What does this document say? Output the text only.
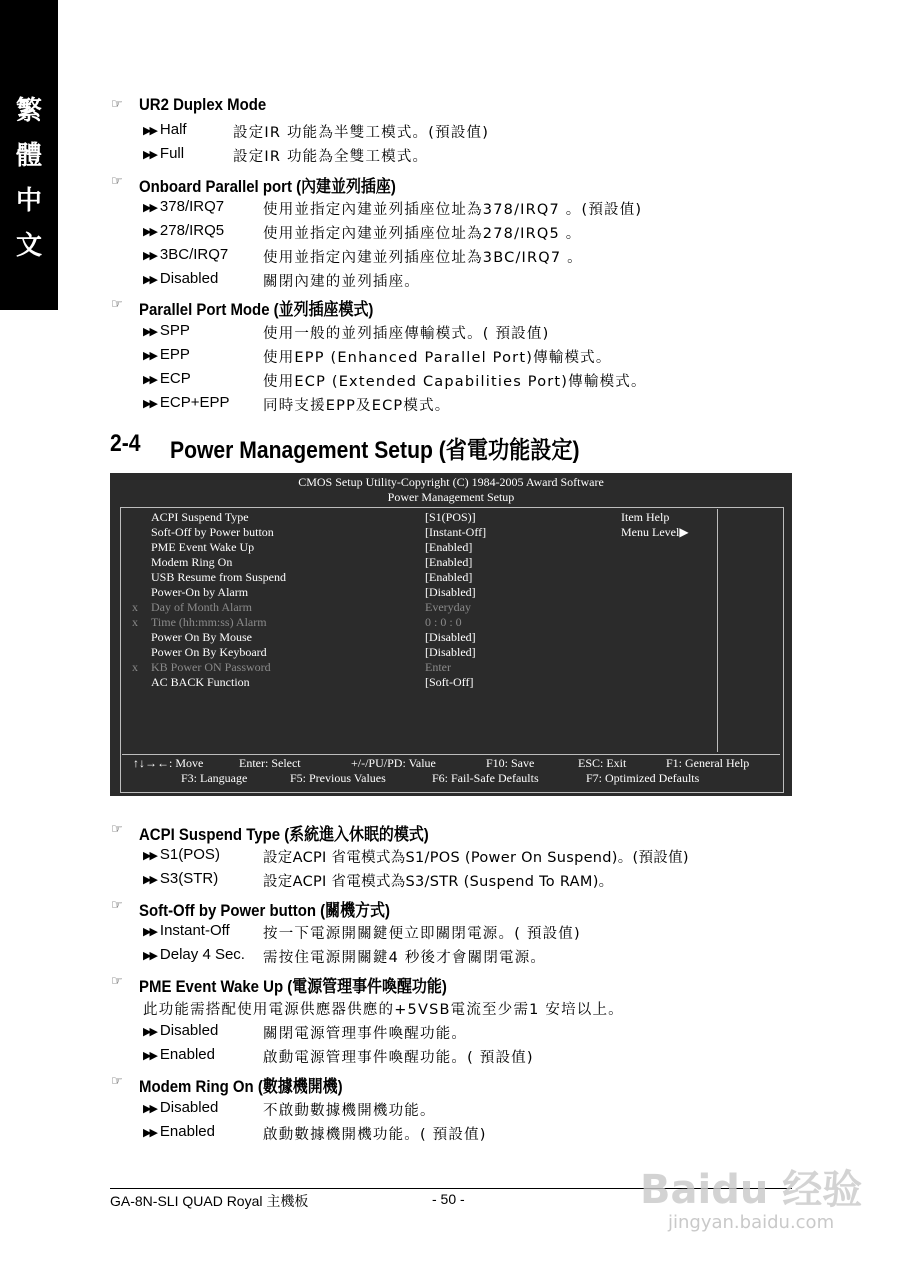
繁
體
中
文
☞ UR2 Duplex Mode
▶▶ Half	設定IR 功能為半雙工模式。(預設值)
▶▶ Full	設定IR 功能為全雙工模式。
☞ Onboard Parallel port (內建並列插座)
▶▶ 378/IRQ7	使用並指定內建並列插座位址為378/IRQ7 。(預設值)
▶▶ 278/IRQ5	使用並指定內建並列插座位址為278/IRQ5 。
▶▶ 3BC/IRQ7 使用並指定內建並列插座位址為3BC/IRQ7 。
▶▶ Disabled	關閉內建的並列插座。
☞ Parallel Port Mode (並列插座模式)
▶▶ SPP	使用一般的並列插座傳輸模式。( 預設值)
▶▶ EPP	使用EPP (Enhanced Parallel Port)傳輸模式。
▶▶ ECP	使用ECP (Extended Capabilities Port)傳輸模式。
▶▶ ECP+EPP 同時支援EPP及ECP模式。
2-4 Power Management Setup (省電功能設定)
CMOS Setup Utility-Copyright (C) 1984-2005 Award Software
Power Management Setup
ACPI Suspend Type	[S1(POS)]
Soft-Off by Power button	[Instant-Off]
PME Event Wake Up	[Enabled]
Modem Ring On	[Enabled]
USB Resume from Suspend	[Enabled]
Power-On by Alarm	[Disabled]
x Day of Month Alarm	Everyday
x Time (hh:mm:ss) Alarm	0 : 0 : 0
Power On By Mouse	[Disabled]
Power On By Keyboard	[Disabled]
x KB Power ON Password	Enter
AC BACK Function	[Soft-Off]
Item Help
Menu Level▶
↑↓→←: Move	Enter: Select	+/-/PU/PD: Value	F10: Save	ESC: Exit	F1: General Help
F3: Language	F5: Previous Values	F6: Fail-Safe Defaults	F7: Optimized Defaults
☞ ACPI Suspend Type (系統進入休眠的模式)
▶▶ S1(POS)	設定ACPI 省電模式為S1/POS (Power On Suspend)。(預設值)
▶▶ S3(STR)	設定ACPI 省電模式為S3/STR (Suspend To RAM)。
☞ Soft-Off by Power button (關機方式)
▶▶ Instant-Off 按一下電源開關鍵便立即關閉電源。( 預設值)
▶▶ Delay 4 Sec. 需按住電源開關鍵4 秒後才會關閉電源。
☞ PME Event Wake Up (電源管理事件喚醒功能)
此功能需搭配使用電源供應器供應的+5VSB電流至少需1 安培以上。
▶▶ Disabled	關閉電源管理事件喚醒功能。
▶▶ Enabled	啟動電源管理事件喚醒功能。( 預設值)
☞ Modem Ring On (數據機開機)
▶▶ Disabled	不啟動數據機開機功能。
▶▶ Enabled	啟動數據機開機功能。( 預設值)
GA-8N-SLI QUAD Royal 主機板	- 50 -	Baidu 经验
jingyan.baidu.com
